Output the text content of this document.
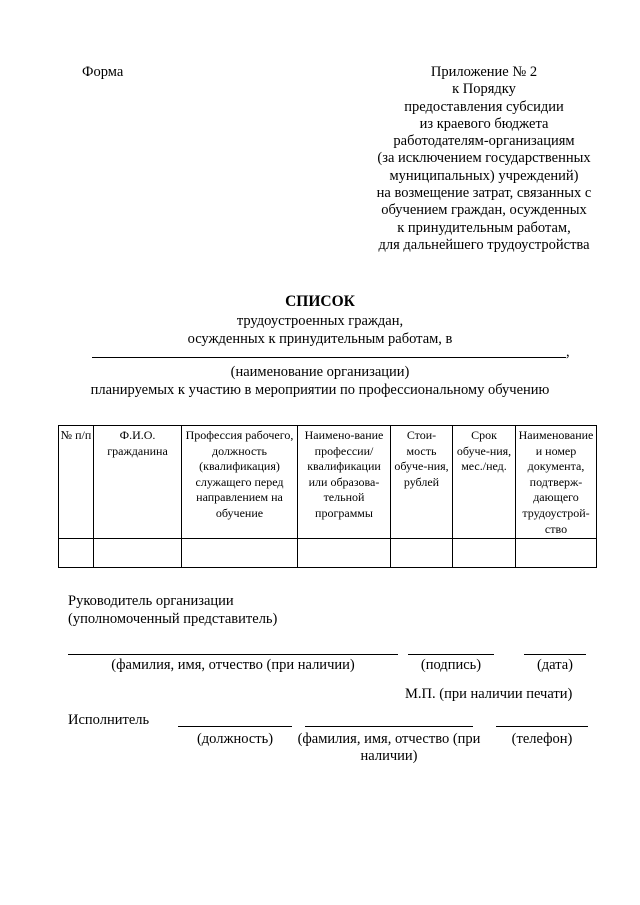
Форма	Приложение № 2
к Порядку
предоставления субсидии
из краевого бюджета
работодателям-организациям
(за исключением государственных
муниципальных) учреждений)
на возмещение затрат, связанных с
обучением граждан, осужденных
к принудительным работам,
для дальнейшего трудоустройства
СПИСОК
трудоустроенных граждан,
осужденных к принудительным работам, в
,
(наименование организации)
планируемых к участию в мероприятии по профессиональному обучению
№ п/п	Ф.И.О. гражданина	Профессия рабочего, должность (квалификация) служащего перед направлением на обучение	Наимено-вание профессии/ квалификации или образова-тельной программы	Стои-мость обуче-ния, рублей	Срок обуче-ния, мес./нед.	Наименование и номер документа, подтверж-дающего трудоустрой-ство

Руководитель организации
(уполномоченный представитель)
(фамилия, имя, отчество (при наличии)	(подпись)	(дата)
М.П. (при наличии печати)
Исполнитель
(должность)	(фамилия, имя, отчество (при наличии)
(телефон)
